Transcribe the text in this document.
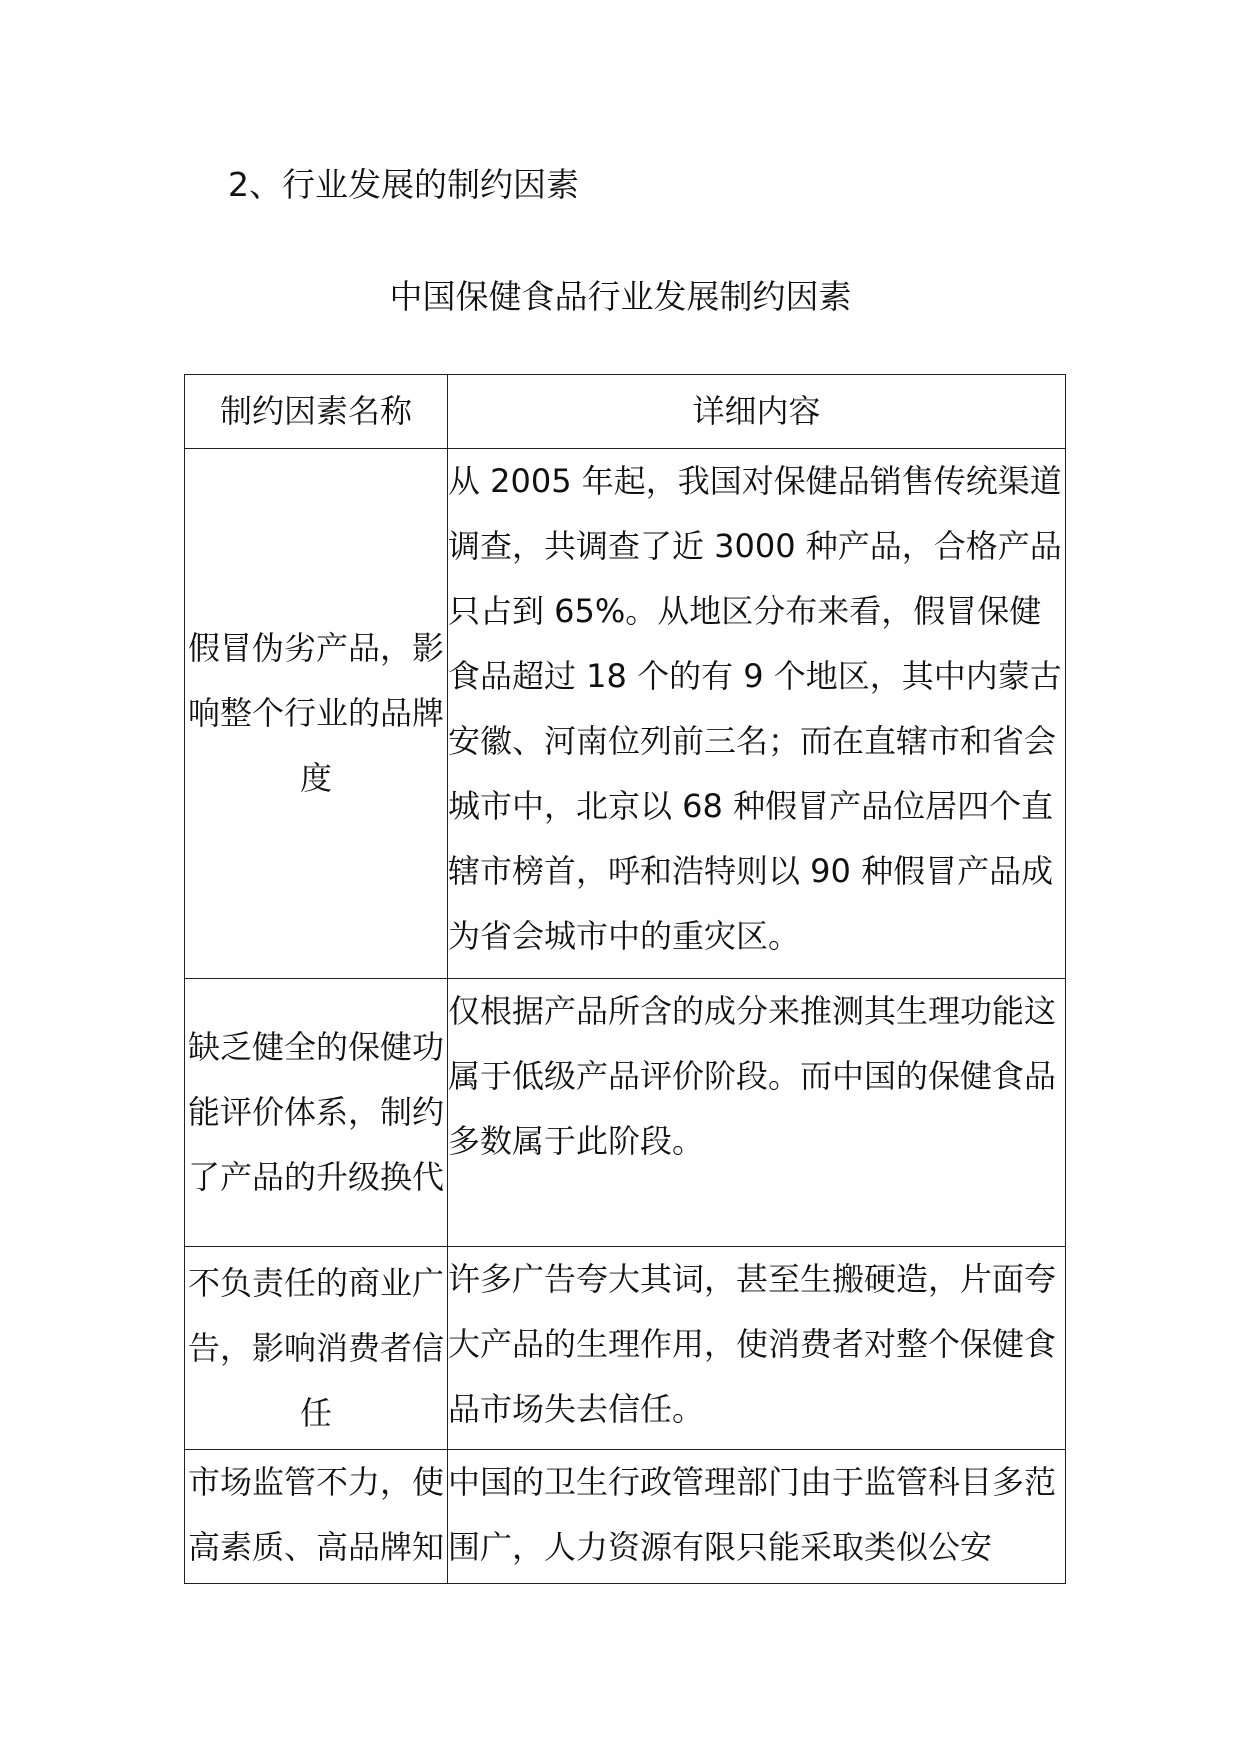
2、行业发展的制约因素
中国保健食品行业发展制约因素
制约因素名称	详细内容
假冒伪劣产品，影响整个行业的品牌度	从 2005 年起，我国对保健品销售传统渠道调查，共调查了近 3000 种产品，合格产品只占到 65%。从地区分布来看，假冒保健食品超过 18 个的有 9 个地区，其中内蒙古安徽、河南位列前三名；而在直辖市和省会城市中，北京以 68 种假冒产品位居四个直辖市榜首，呼和浩特则以 90 种假冒产品成为省会城市中的重灾区。
缺乏健全的保健功能评价体系，制约了产品的升级换代	仅根据产品所含的成分来推测其生理功能这属于低级产品评价阶段。而中国的保健食品多数属于此阶段。
不负责任的商业广告，影响消费者信任	许多广告夸大其词，甚至生搬硬造，片面夸大产品的生理作用，使消费者对整个保健食品市场失去信任。
市场监管不力，使高素质、高品牌知	中国的卫生行政管理部门由于监管科目多范围广，人力资源有限只能采取类似公安
